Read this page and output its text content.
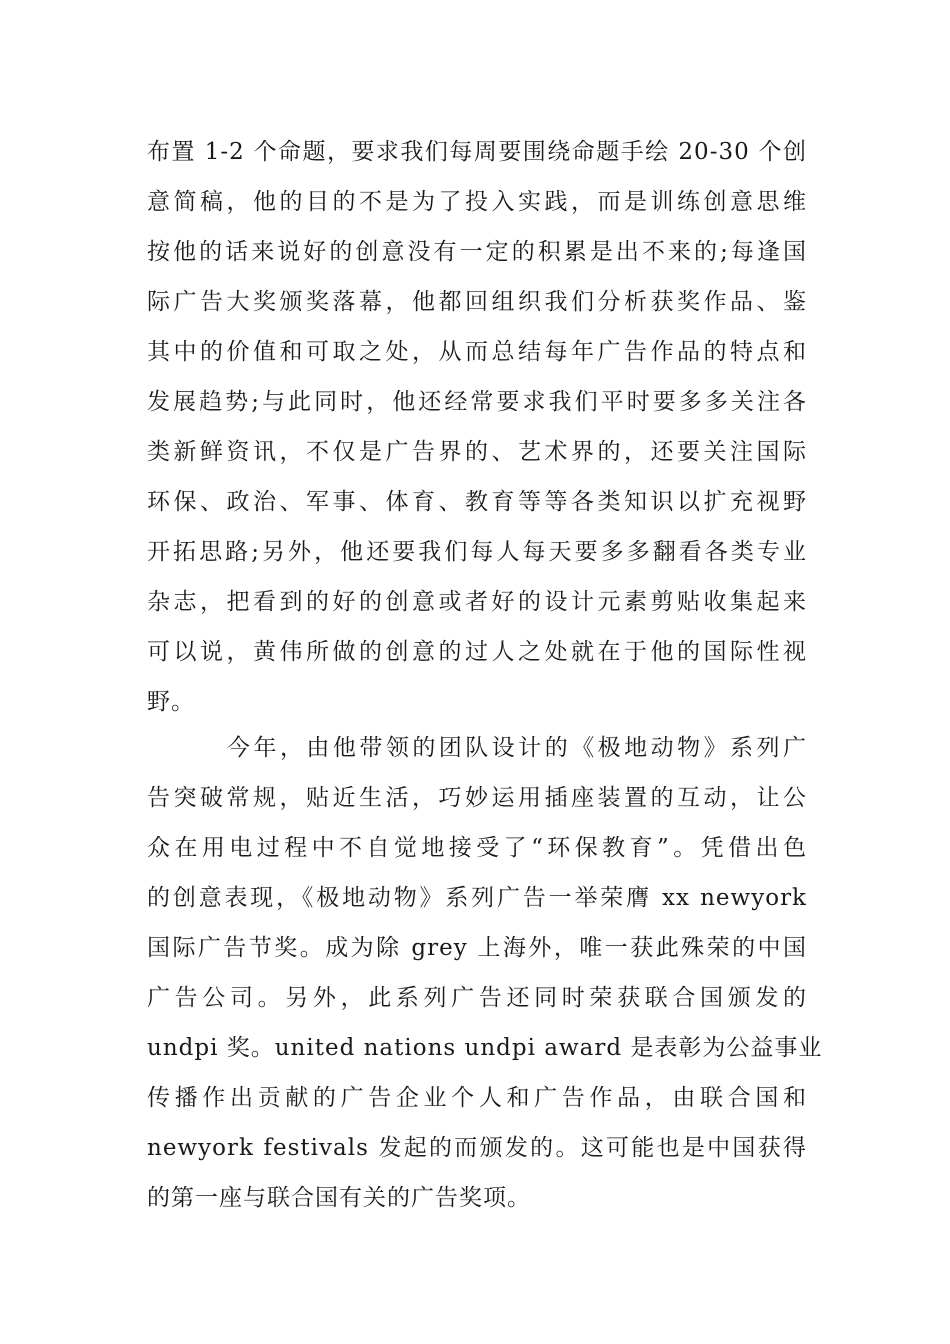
布置 1-2 个命题，要求我们每周要围绕命题手绘 20-30 个创
意简稿，他的目的不是为了投入实践，而是训练创意思维
按他的话来说好的创意没有一定的积累是出不来的;每逢国
际广告大奖颁奖落幕，他都回组织我们分析获奖作品、鉴
其中的价值和可取之处，从而总结每年广告作品的特点和
发展趋势;与此同时，他还经常要求我们平时要多多关注各
类新鲜资讯，不仅是广告界的、艺术界的，还要关注国际
环保、政治、军事、体育、教育等等各类知识以扩充视野
开拓思路;另外，他还要我们每人每天要多多翻看各类专业
杂志，把看到的好的创意或者好的设计元素剪贴收集起来
可以说，黄伟所做的创意的过人之处就在于他的国际性视
野。
今年，由他带领的团队设计的《极地动物》系列广
告突破常规，贴近生活，巧妙运用插座装置的互动，让公
众在用电过程中不自觉地接受了“环保教育”。凭借出色
的创意表现，《极地动物》系列广告一举荣膺 xx newyork
国际广告节奖。成为除 grey 上海外，唯一获此殊荣的中国
广告公司。另外，此系列广告还同时荣获联合国颁发的
undpi 奖。united nations undpi award 是表彰为公益事业
传播作出贡献的广告企业个人和广告作品，由联合国和
newyork festivals 发起的而颁发的。这可能也是中国获得
的第一座与联合国有关的广告奖项。
